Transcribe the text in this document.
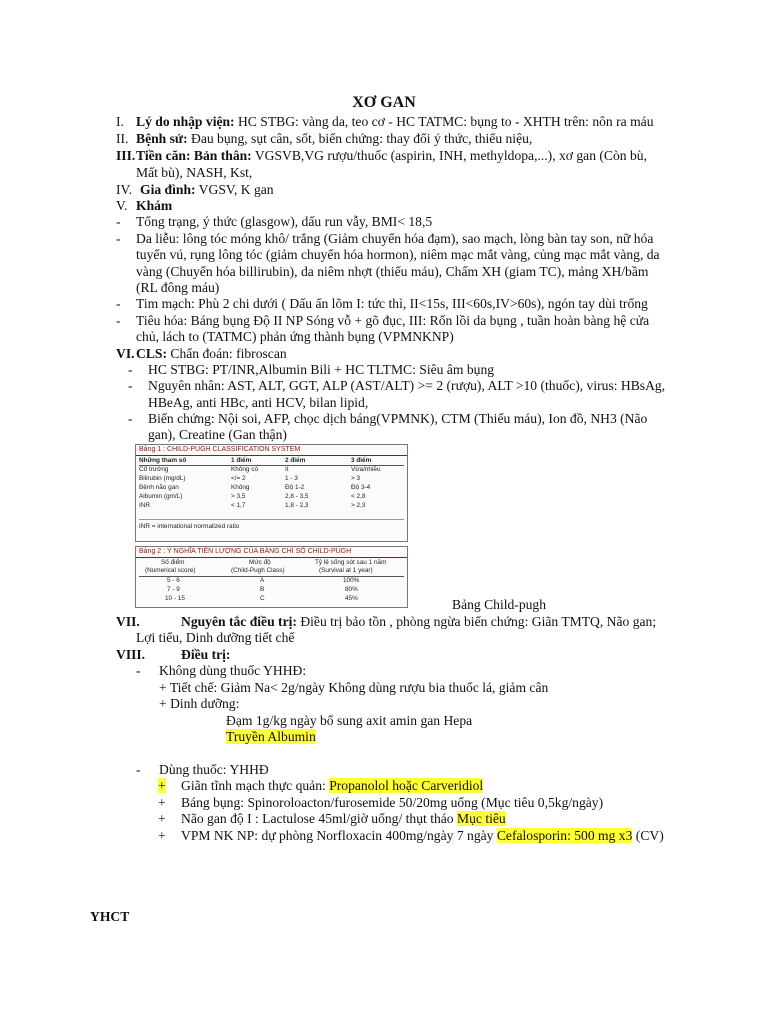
XƠ GAN
I. Lý do nhập viện: HC STBG: vàng da, teo cơ - HC TATMC: bụng to - XHTH trên: nôn ra máu
II. Bệnh sử: Đau bụng, sụt cân, sốt, biến chứng: thay đổi ý thức, thiểu niệu,
III. Tiền căn: Bản thân: VGSVB,VG rượu/thuốc (aspirin, INH, methyldopa,...), xơ gan (Còn bù,
Mất bù), NASH, Kst,
IV. Gia đình: VGSV, K gan
V. Khám
- Tổng trạng, ý thức (glasgow), dấu run vẫy, BMI< 18,5
- Da liễu: lông tóc móng khô/ trắng (Giảm chuyển hóa đạm), sao mạch, lòng bàn tay son, nữ hóa
tuyến vú, rụng lông tóc (giảm chuyển hóa hormon), niêm mạc mắt vàng, củng mạc mắt vàng, da
vàng (Chuyển hóa billirubin), da niêm nhợt (thiếu máu), Chấm XH (giam TC), mảng XH/bầm
(RL đông máu)
- Tim mạch: Phù 2 chi dưới ( Dấu ấn lõm I: tức thì, II<15s, III<60s,IV>60s), ngón tay dùi trống
- Tiêu hóa: Báng bụng Độ II NP Sóng vỗ + gõ đục, III: Rốn lồi da bụng , tuần hoàn bàng hệ cửa
chủ, lách to (TATMC) phản ứng thành bụng (VPMNKNP)
VI. CLS: Chẩn đoán: fibroscan
- HC STBG: PT/INR,Albumin Bili + HC TLTMC: Siêu âm bụng
- Nguyên nhân: AST, ALT, GGT, ALP (AST/ALT) >= 2 (rượu), ALT >10 (thuốc), virus: HBsAg,
HBeAg, anti HBc, anti HCV, bilan lipid,
- Biến chứng: Nội soi, AFP, chọc dịch báng(VPMNK), CTM (Thiếu máu), Ion đồ, NH3 (Não
gan), Creatine (Gan thận)
Bảng 1 : CHILD-PUGH CLASSIFICATION SYSTEM
Những tham số	1 điểm	2 điểm	3 điểm
Cổ trướng	Không có	ít	Vừa/nhiều
Bilirubin (mg/dL)	</= 2	1 - 3	> 3
Bệnh não gan	Không	Độ 1-2	Độ 3-4
Albumin (gm/L)	> 3,5	2,8 - 3,5	< 2,8
INR	< 1,7	1,8 - 2,3	> 2,3
INR = international normalized ratio
Bảng 2 : Ý NGHĨA TIÊN LƯỢNG CỦA BẢNG CHỈ SỐ CHILD-PUGH
Số điểm
(Numerical score)
Mức độ
(Child-Pugh Class)
Tỷ lệ sống sót sau 1 năm
(Survival at 1 year)
5 - 6	A	100%
7 - 9	B	80%
10 - 15	C	45%	Bảng Child-pugh
VII.	Nguyên tắc điều trị: Điều trị bảo tồn , phòng ngừa biến chứng: Giãn TMTQ, Não gan;
Lợi tiểu, Dinh dưỡng tiết chế
VIII.	Điều trị:
- Không dùng thuốc YHHĐ:
+ Tiết chế: Giảm Na< 2g/ngày Không dùng rượu bia thuốc lá, giảm cân
+ Dinh dưỡng:
Đạm 1g/kg ngày bổ sung axit amin gan Hepa
Truyền Albumin
- Dùng thuốc: YHHĐ
+ Giãn tĩnh mạch thực quản: Propanolol hoặc Carveridiol
+ Báng bụng: Spinoroloacton/furosemide 50/20mg uống (Mục tiêu 0,5kg/ngày)
+ Não gan độ I : Lactulose 45ml/giờ uống/ thụt tháo Mục tiêu
+ VPM NK NP: dự phòng Norfloxacin 400mg/ngày 7 ngày Cefalosporin: 500 mg x3 (CV)
YHCT
